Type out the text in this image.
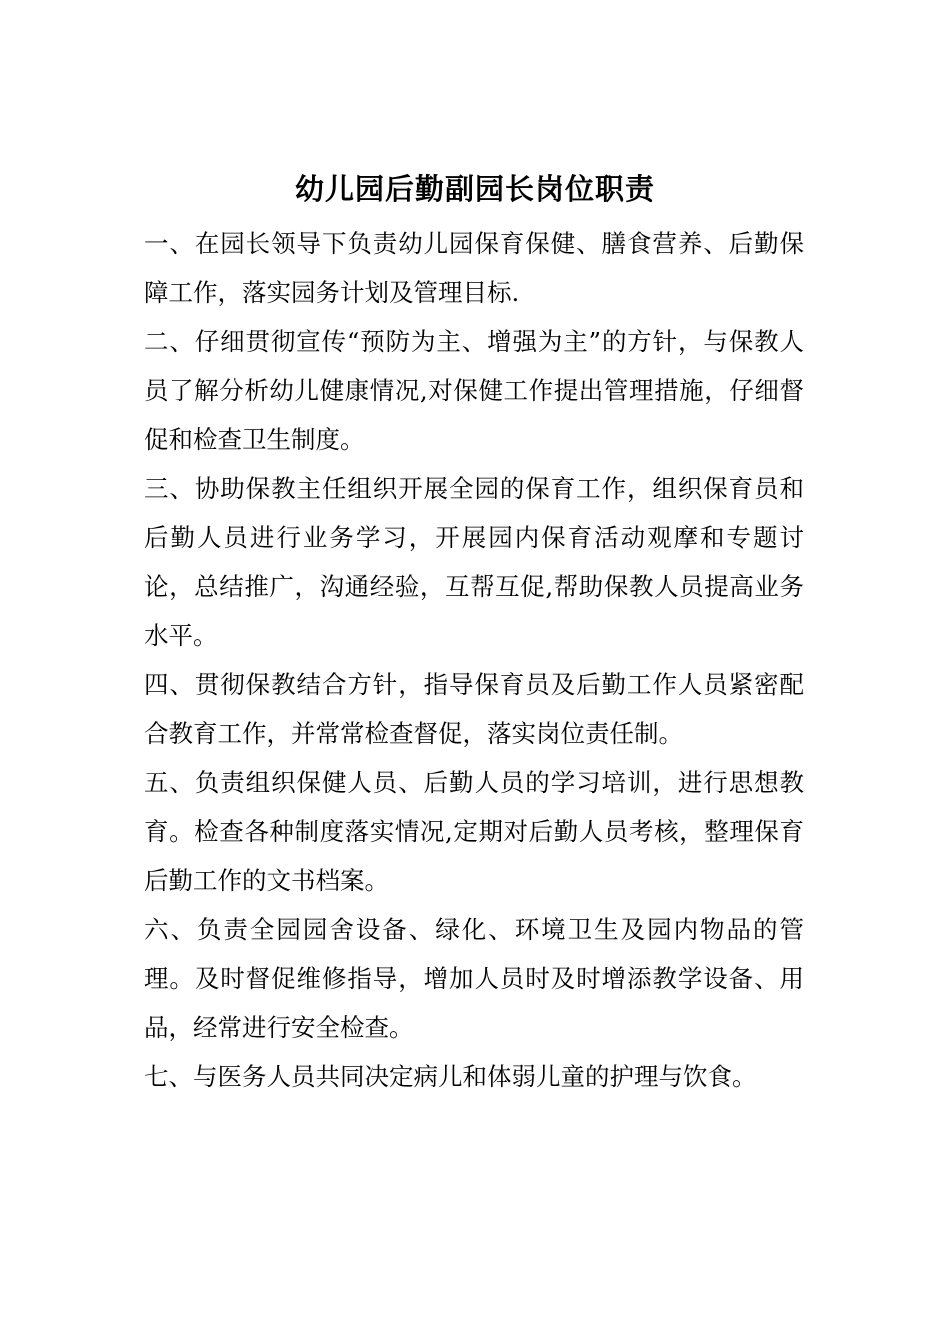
幼儿园后勤副园长岗位职责

一、在园长领导下负责幼儿园保育保健、膳食营养、后勤保障工作，落实园务计划及管理目标.

二、仔细贯彻宣传“预防为主、增强为主”的方针，与保教人员了解分析幼儿健康情况,对保健工作提出管理措施，仔细督促和检查卫生制度。

三、协助保教主任组织开展全园的保育工作，组织保育员和后勤人员进行业务学习，开展园内保育活动观摩和专题讨论，总结推广，沟通经验，互帮互促,帮助保教人员提高业务水平。

四、贯彻保教结合方针，指导保育员及后勤工作人员紧密配合教育工作，并常常检查督促，落实岗位责任制。

五、负责组织保健人员、后勤人员的学习培训，进行思想教育。检查各种制度落实情况,定期对后勤人员考核，整理保育后勤工作的文书档案。

六、负责全园园舍设备、绿化、环境卫生及园内物品的管理。及时督促维修指导，增加人员时及时增添教学设备、用品，经常进行安全检查。

七、与医务人员共同决定病儿和体弱儿童的护理与饮食。
